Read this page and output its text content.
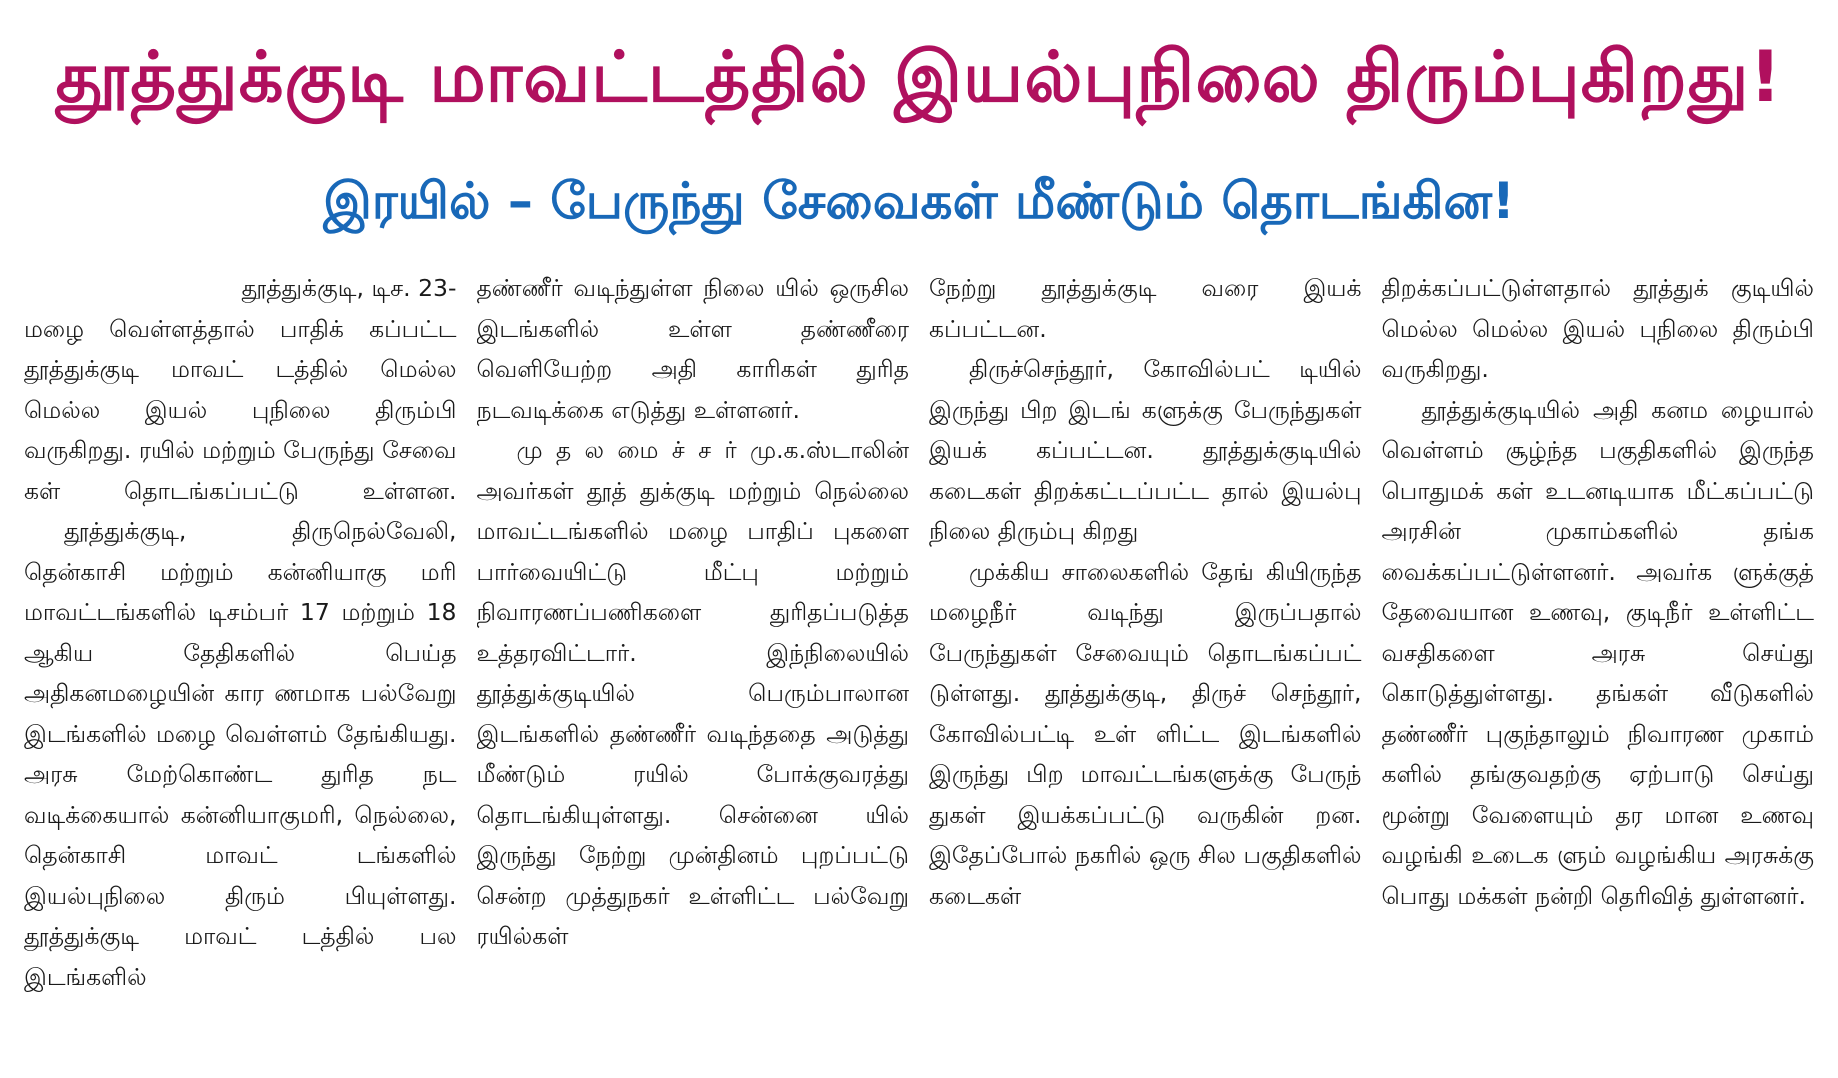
தூத்துக்குடி மாவட்டத்தில் இயல்புநிலை திரும்புகிறது!
இரயில் – பேருந்து சேவைகள் மீண்டும் தொடங்கின!

தூத்துக்குடி, டிச. 23-

மழை வெள்ளத்தால் பாதிக் கப்பட்ட தூத்துக்குடி மாவட் டத்தில் மெல்ல மெல்ல இயல் புநிலை திரும்பி வருகிறது. ரயில் மற்றும் பேருந்து சேவை கள் தொடங்கப்பட்டு உள்ளன.

தூத்துக்குடி, திருநெல்வேலி, தென்காசி மற்றும் கன்னியாகு மரி மாவட்டங்களில் டிசம்பர் 17 மற்றும் 18 ஆகிய தேதிகளில் பெய்த அதிகனமழையின் கார ணமாக பல்வேறு இடங்களில் மழை வெள்ளம் தேங்கியது. அரசு மேற்கொண்ட துரித நட வடிக்கையால் கன்னியாகுமரி, நெல்லை, தென்காசி மாவட் டங்களில் இயல்புநிலை திரும் பியுள்ளது. தூத்துக்குடி மாவட் டத்தில் பல இடங்களில்

தண்ணீர் வடிந்துள்ள நிலை யில் ஒருசில இடங்களில் உள்ள தண்ணீரை வெளியேற்ற அதி காரிகள் துரித நடவடிக்கை எடுத்து உள்ளனர்.

மு த ல மை ச் ச ர் மு.க.ஸ்டாலின் அவர்கள் தூத் துக்குடி மற்றும் நெல்லை மாவட்டங்களில் மழை பாதிப் புகளை பார்வையிட்டு மீட்பு மற்றும் நிவாரணப்பணிகளை துரிதப்படுத்த உத்தரவிட்டார். இந்நிலையில் தூத்துக்குடியில் பெரும்பாலான இடங்களில் தண்ணீர் வடிந்ததை அடுத்து மீண்டும் ரயில் போக்குவரத்து தொடங்கியுள்ளது. சென்னை யில் இருந்து நேற்று முன்தினம் புறப்பட்டு சென்ற முத்துநகர் உள்ளிட்ட பல்வேறு ரயில்கள்

நேற்று தூத்துக்குடி வரை இயக் கப்பட்டன.

திருச்செந்தூர், கோவில்பட் டியில் இருந்து பிற இடங் களுக்கு பேருந்துகள் இயக் கப்பட்டன. தூத்துக்குடியில் கடைகள் திறக்கட்டப்பட்ட தால் இயல்பு நிலை திரும்பு கிறது

முக்கிய சாலைகளில் தேங் கியிருந்த மழைநீர் வடிந்து இருப்பதால் பேருந்துகள் சேவையும் தொடங்கப்பட் டுள்ளது. தூத்துக்குடி, திருச் செந்தூர், கோவில்பட்டி உள் ளிட்ட இடங்களில் இருந்து பிற மாவட்டங்களுக்கு பேருந் துகள் இயக்கப்பட்டு வருகின் றன. இதேப்போல் நகரில் ஒரு சில பகுதிகளில் கடைகள்

திறக்கப்பட்டுள்ளதால் தூத்துக் குடியில் மெல்ல மெல்ல இயல் புநிலை திரும்பி வருகிறது.

தூத்துக்குடியில் அதி கனம ழையால் வெள்ளம் சூழ்ந்த பகுதிகளில் இருந்த பொதுமக் கள் உடனடியாக மீட்கப்பட்டு அரசின் முகாம்களில் தங்க வைக்கப்பட்டுள்ளனர். அவர்க ளுக்குத் தேவையான உணவு, குடிநீர் உள்ளிட்ட வசதிகளை அரசு செய்து கொடுத்துள்ளது. தங்கள் வீடுகளில் தண்ணீர் புகுந்தாலும் நிவாரண முகாம் களில் தங்குவதற்கு ஏற்பாடு செய்து மூன்று வேளையும் தர மான உணவு வழங்கி உடைக ளும் வழங்கிய அரசுக்கு பொது மக்கள் நன்றி தெரிவித் துள்ளனர்.
